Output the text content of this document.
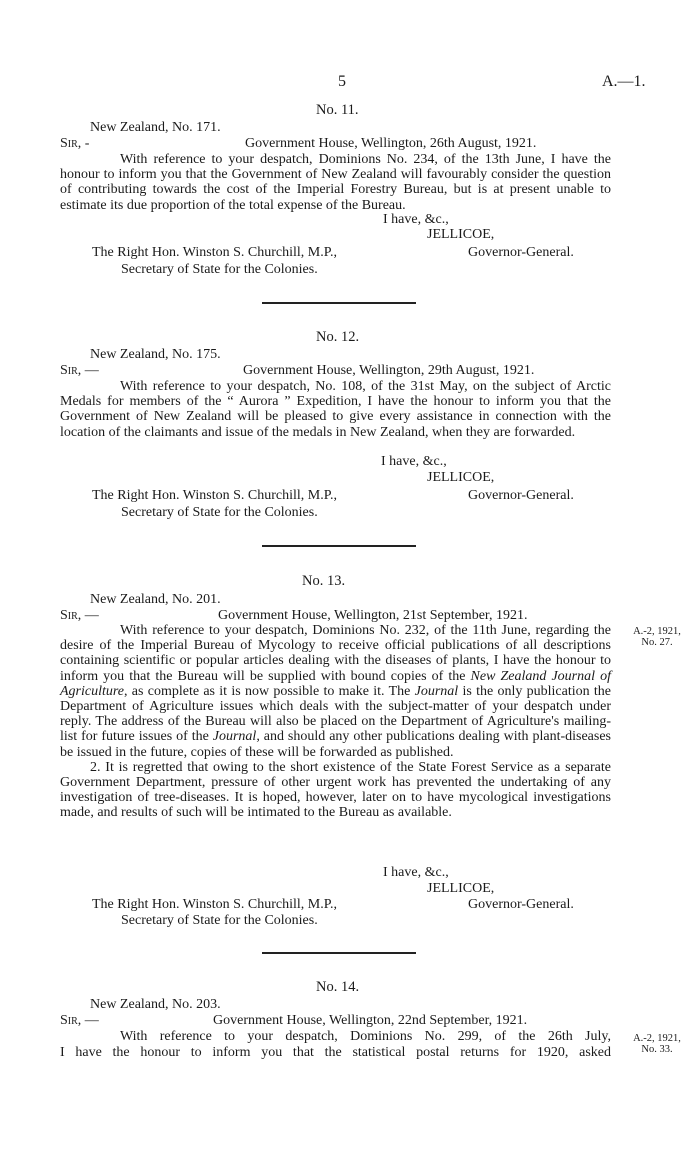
5	A.—1.
No. 11.
New Zealand, No. 171.
Sir, -	Government House, Wellington, 26th August, 1921.

With reference to your despatch, Dominions No. 234, of the 13th June, I have the honour to inform you that the Government of New Zealand will favourably consider the question of contributing towards the cost of the Imperial Forestry Bureau, but is at present unable to estimate its due proportion of the total expense of the Bureau.

I have, &c.,
JELLICOE,
The Right Hon. Winston S. Churchill, M.P.,	Governor-General.
Secretary of State for the Colonies.
No. 12.
New Zealand, No. 175.
Sir, —	Government House, Wellington, 29th August, 1921.

With reference to your despatch, No. 108, of the 31st May, on the subject of Arctic Medals for members of the “ Aurora ” Expedition, I have the honour to inform you that the Government of New Zealand will be pleased to give every assistance in connection with the location of the claimants and issue of the medals in New Zealand, when they are forwarded.

I have, &c.,
JELLICOE,
The Right Hon. Winston S. Churchill, M.P.,	Governor-General.
Secretary of State for the Colonies.
No. 13.
New Zealand, No. 201.
Sir, —	Government House, Wellington, 21st September, 1921.

With reference to your despatch, Dominions No. 232, of the 11th June, regarding the desire of the Imperial Bureau of Mycology to receive official publications of all descriptions containing scientific or popular articles dealing with the diseases of plants, I have the honour to inform you that the Bureau will be supplied with bound copies of the New Zealand Journal of Agriculture, as complete as it is now possible to make it. The Journal is the only publication the Department of Agriculture issues which deals with the subject-matter of your despatch under reply. The address of the Bureau will also be placed on the Department of Agriculture's mailing-list for future issues of the Journal, and should any other publications dealing with plant-diseases be issued in the future, copies of these will be forwarded as published.

2. It is regretted that owing to the short existence of the State Forest Service as a separate Government Department, pressure of other urgent work has prevented the undertaking of any investigation of tree-diseases. It is hoped, however, later on to have mycological investigations made, and results of such will be intimated to the Bureau as available.

A.-2, 1921,
No. 27.
I have, &c.,
JELLICOE,
The Right Hon. Winston S. Churchill, M.P.,	Governor-General.
Secretary of State for the Colonies.
No. 14.
New Zealand, No. 203.
Sir, —	Government House, Wellington, 22nd September, 1921.
With reference to your despatch, Dominions No. 299, of the 26th July,
I have the honour to inform you that the statistical postal returns for 1920, asked
A.-2, 1921,
No. 33.
